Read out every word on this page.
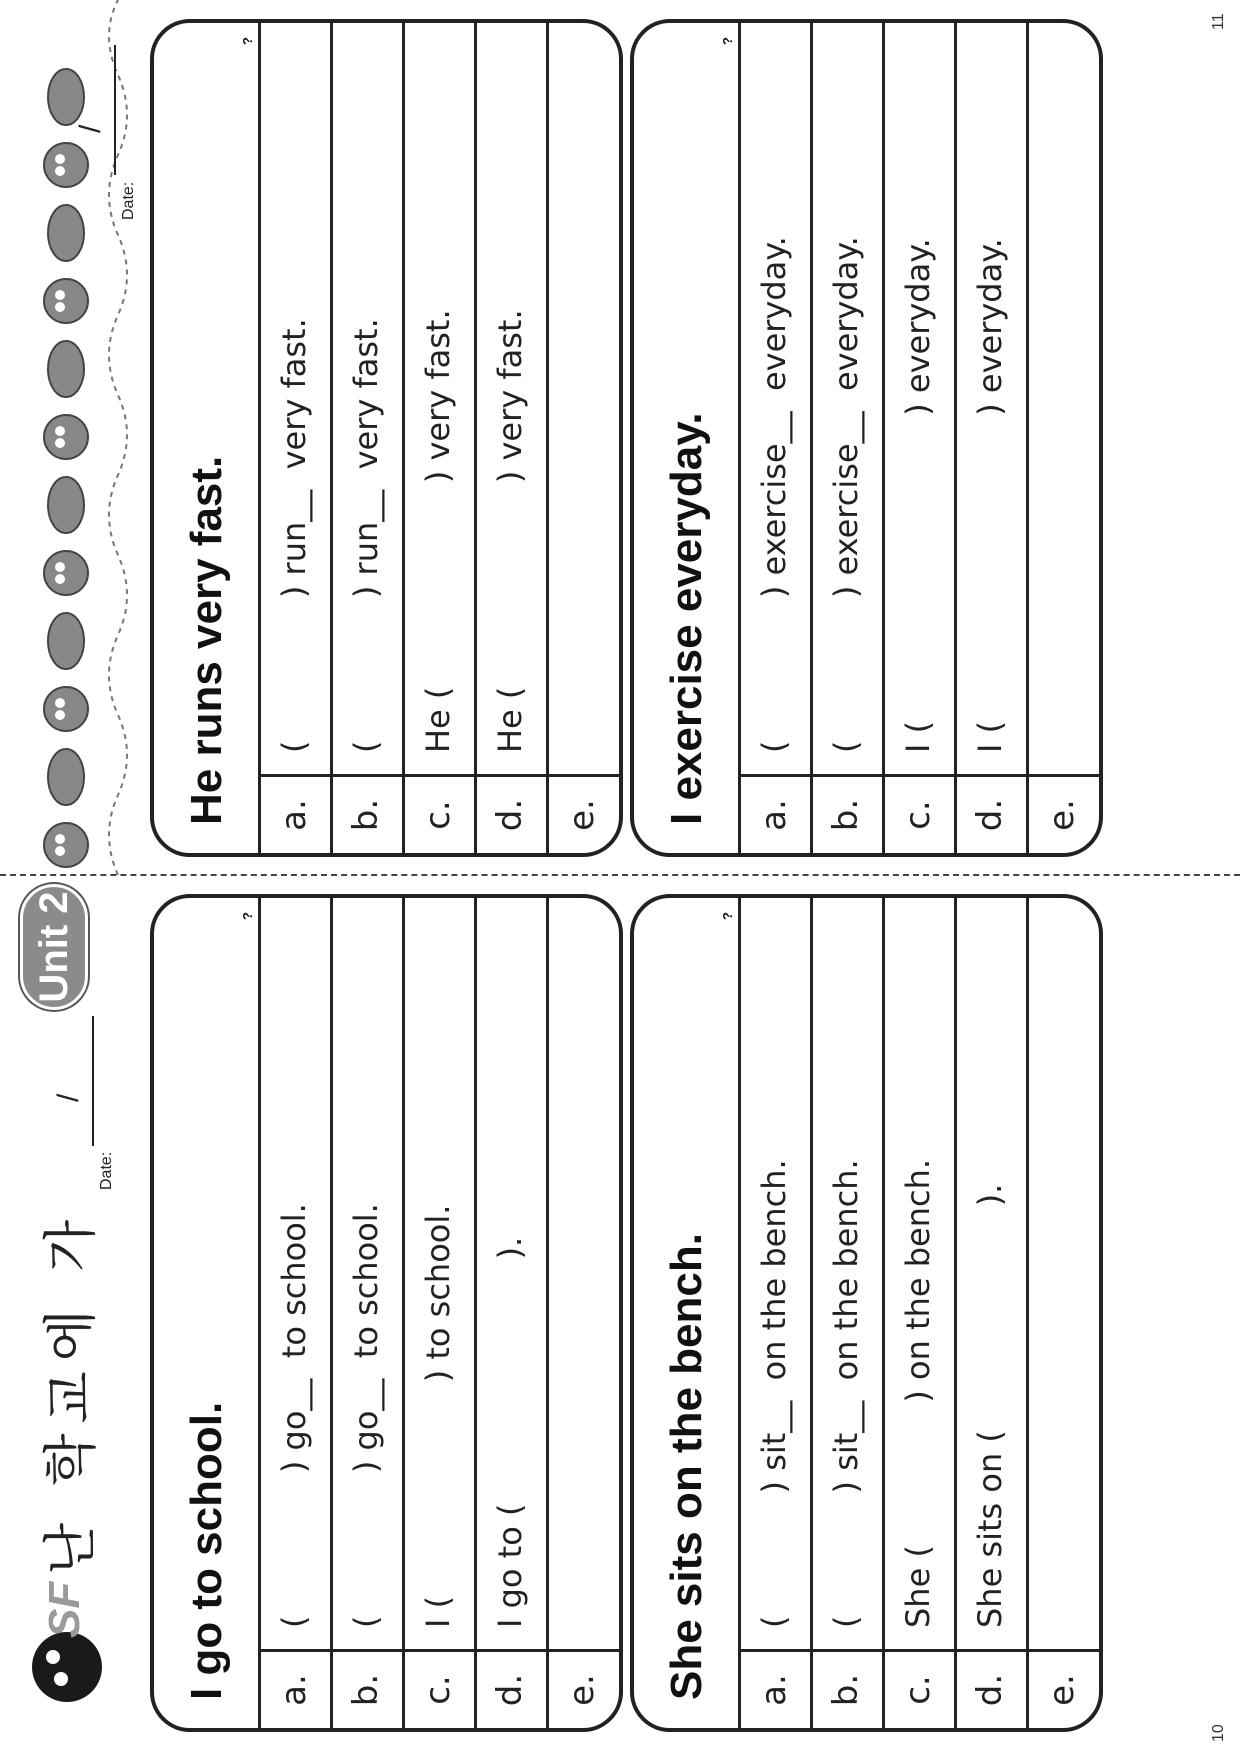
SF
난 학교에 가
Date:
/
Unit 2
I go to school.
?
a.
(              ) go__  to school.
b.
(              ) go__  to school.
c.
I (                     ) to school.
d.
I go to (                        ).
e.	She sits on the bench.
?
a.
(            ) sit__  on the bench.
b.
(            ) sit__  on the bench.
c.
She (              ) on the bench.
d.
She sits on (                      ).
e.
10
Date:
/
He runs very fast.
?
a.
(              ) run__  very fast.
b.
(              ) run__  very fast.
c.
He (                    ) very fast.
d.
He (                    ) very fast.
e.	I exercise everyday.
?
a.
(              ) exercise__  everyday.
b.
(              ) exercise__  everyday.
c.
I (                              ) everyday.
d.
I (                              ) everyday.
e.
11
